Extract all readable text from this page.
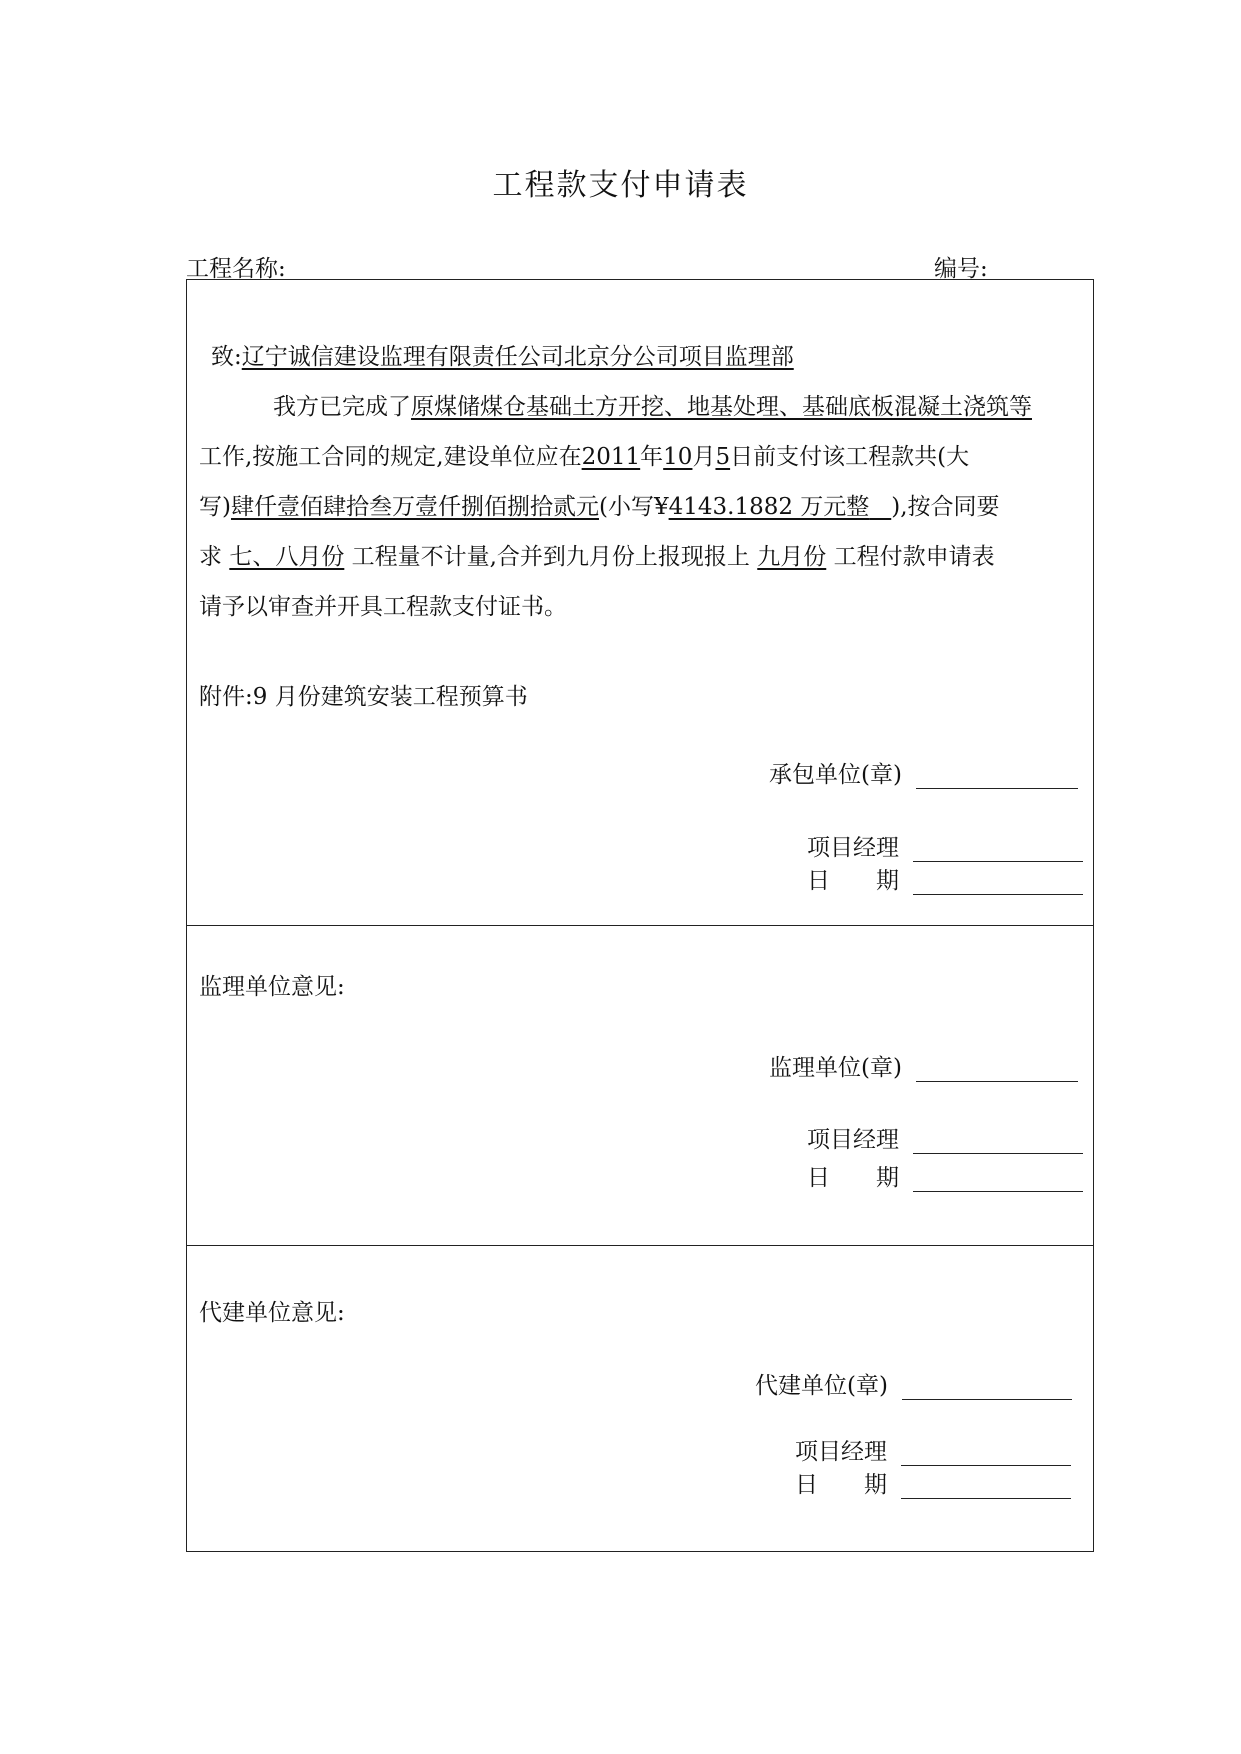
工程款支付申请表
工程名称:	编号:
致:辽宁诚信建设监理有限责任公司北京分公司项目监理部
我方已完成了原煤储煤仓基础土方开挖、地基处理、基础底板混凝土浇筑等
工作,按施工合同的规定,建设单位应在2011年10月5日前支付该工程款共(大
写)肆仟壹佰肆拾叁万壹仟捌佰捌拾贰元(小写¥4143.1882 万元整 ),按合同要
求 七、八月份 工程量不计量,合并到九月份上报现报上 九月份 工程付款申请表
请予以审查并开具工程款支付证书。
附件:9 月份建筑安装工程预算书
承包单位(章)
项目经理
日　　期
监理单位意见:
监理单位(章)
项目经理
日　　期
代建单位意见:
代建单位(章)
项目经理
日　　期
